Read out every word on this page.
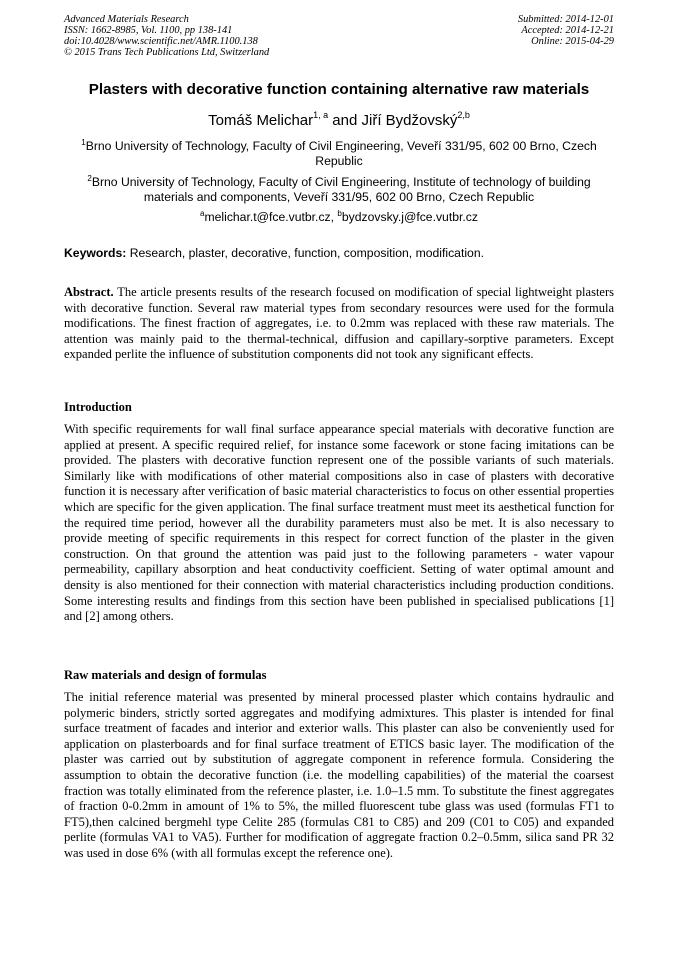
Advanced Materials Research
ISSN: 1662-8985, Vol. 1100, pp 138-141
doi:10.4028/www.scientific.net/AMR.1100.138
© 2015 Trans Tech Publications Ltd, Switzerland
Submitted: 2014-12-01
Accepted: 2014-12-21
Online: 2015-04-29
Plasters with decorative function containing alternative raw materials
Tomáš Melichar$^{1, a}$ and Jiří Bydžovský$^{2,b}$
$^1$Brno University of Technology, Faculty of Civil Engineering, Veveří 331/95, 602 00 Brno, Czech Republic
$^2$Brno University of Technology, Faculty of Civil Engineering, Institute of technology of building materials and components, Veveří 331/95, 602 00 Brno, Czech Republic
$^a$melichar.t@fce.vutbr.cz, $^b$bydzovsky.j@fce.vutbr.cz
Keywords: Research, plaster, decorative, function, composition, modification.

Abstract. The article presents results of the research focused on modification of special lightweight plasters with decorative function. Several raw material types from secondary resources were used for the formula modifications. The finest fraction of aggregates, i.e. to 0.2mm was replaced with these raw materials. The attention was mainly paid to the thermal-technical, diffusion and capillary-sorptive parameters. Except expanded perlite the influence of substitution components did not took any significant effects.

Introduction

With specific requirements for wall final surface appearance special materials with decorative function are applied at present. A specific required relief, for instance some facework or stone facing imitations can be provided. The plasters with decorative function represent one of the possible variants of such materials. Similarly like with modifications of other material compositions also in case of plasters with decorative function it is necessary after verification of basic material characteristics to focus on other essential properties which are specific for the given application. The final surface treatment must meet its aesthetical function for the required time period, however all the durability parameters must also be met. It is also necessary to provide meeting of specific requirements in this respect for correct function of the plaster in the given construction. On that ground the attention was paid just to the following parameters - water vapour permeability, capillary absorption and heat conductivity coefficient. Setting of water optimal amount and density is also mentioned for their connection with material characteristics including production conditions. Some interesting results and findings from this section have been published in specialised publications [1] and [2] among others.

Raw materials and design of formulas

The initial reference material was presented by mineral processed plaster which contains hydraulic and polymeric binders, strictly sorted aggregates and modifying admixtures. This plaster is intended for final surface treatment of facades and interior and exterior walls. This plaster can also be conveniently used for application on plasterboards and for final surface treatment of ETICS basic layer. The modification of the plaster was carried out by substitution of aggregate component in reference formula. Considering the assumption to obtain the decorative function (i.e. the modelling capabilities) of the material the coarsest fraction was totally eliminated from the reference plaster, i.e. 1.0–1.5 mm. To substitute the finest aggregates of fraction 0-0.2mm in amount of 1% to 5%, the milled fluorescent tube glass was used (formulas FT1 to FT5),then calcined bergmehl type Celite 285 (formulas C81 to C85) and 209 (C01 to C05) and expanded perlite (formulas VA1 to VA5). Further for modification of aggregate fraction 0.2–0.5mm, silica sand PR 32 was used in dose 6% (with all formulas except the reference one).
